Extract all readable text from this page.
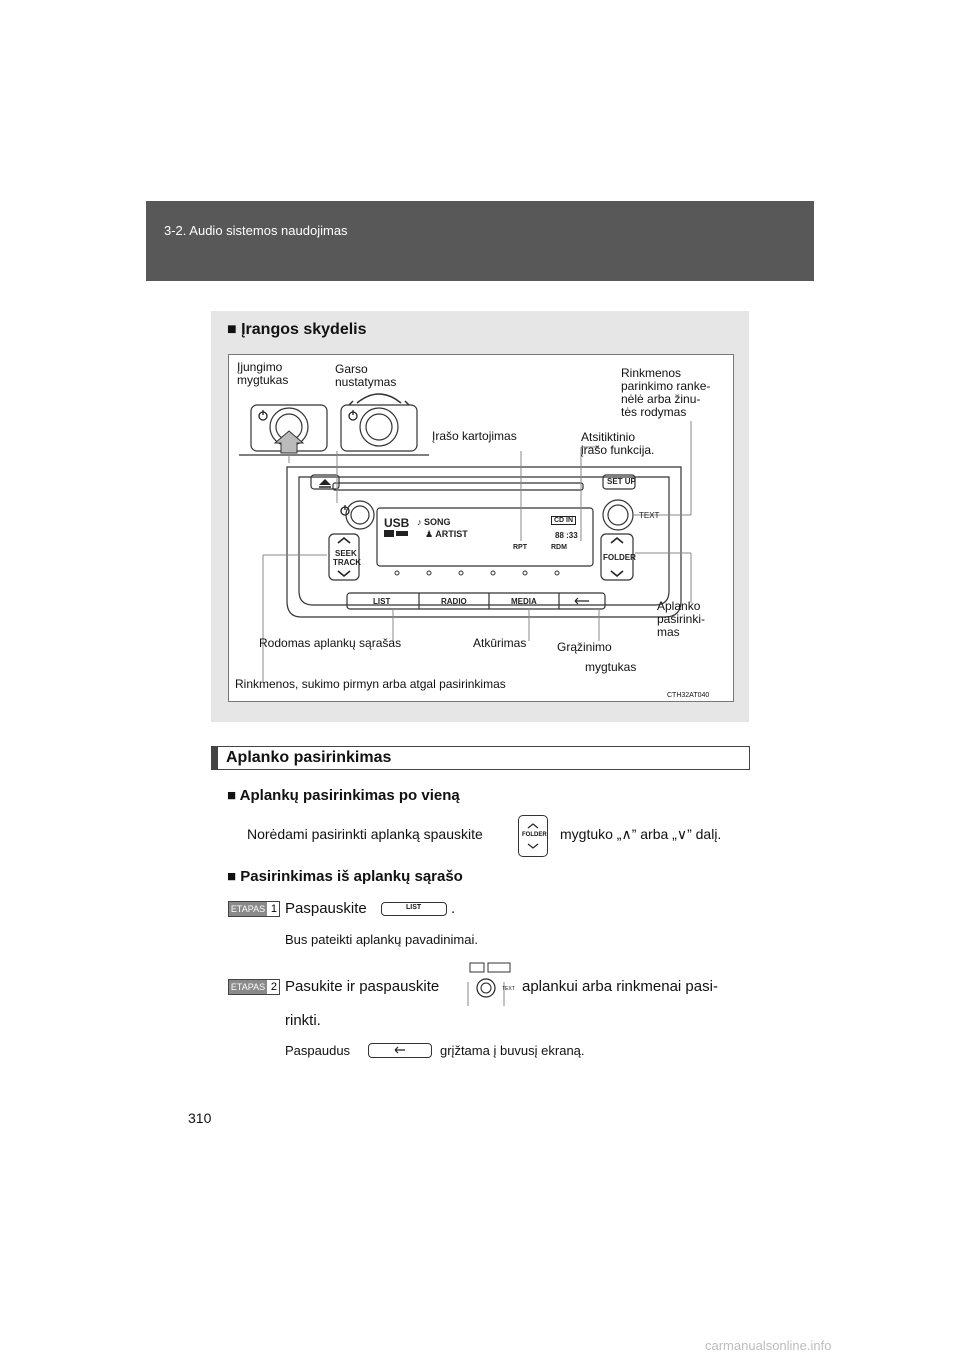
3-2. Audio sistemos naudojimas
■ Įrangos skydelis
SET UP
TEXT
SEEK
TRACK
FOLDER
LIST	RADIO	MEDIA
USB ♪ SONG
♟ ARTIST
CD IN
88 :33
RPT	RDM
Įjungimo
mygtukas
Garso
nustatymas
Rinkmenos
parinkimo ranke-
nėlė arba žinu-
tės rodymas
Įrašo kartojimas	Atsitiktinio
įrašo funkcija.
Aplanko
pasirinki-
mas
Rodomas aplankų sąrašas	Atkūrimas	Grąžinimo
mygtukas
Rinkmenos, sukimo pirmyn arba atgal pasirinkimas
CTH32AT040
Aplanko pasirinkimas
■ Aplankų pasirinkimas po vieną
Norėdami pasirinkti aplanką spauskite	FOLDER mygtuko „∧” arba „∨” dalį.
■ Pasirinkimas iš aplankų sąrašo
ETAPAS 1 Paspauskite	LIST .
Bus pateikti aplankų pavadinimai.
ETAPAS 2 Pasukite ir paspauskite	TEXT aplankui arba rinkmenai pasi-
rinkti.
Paspaudus	grįžtama į buvusį ekraną.
310
carmanualsonline.info
